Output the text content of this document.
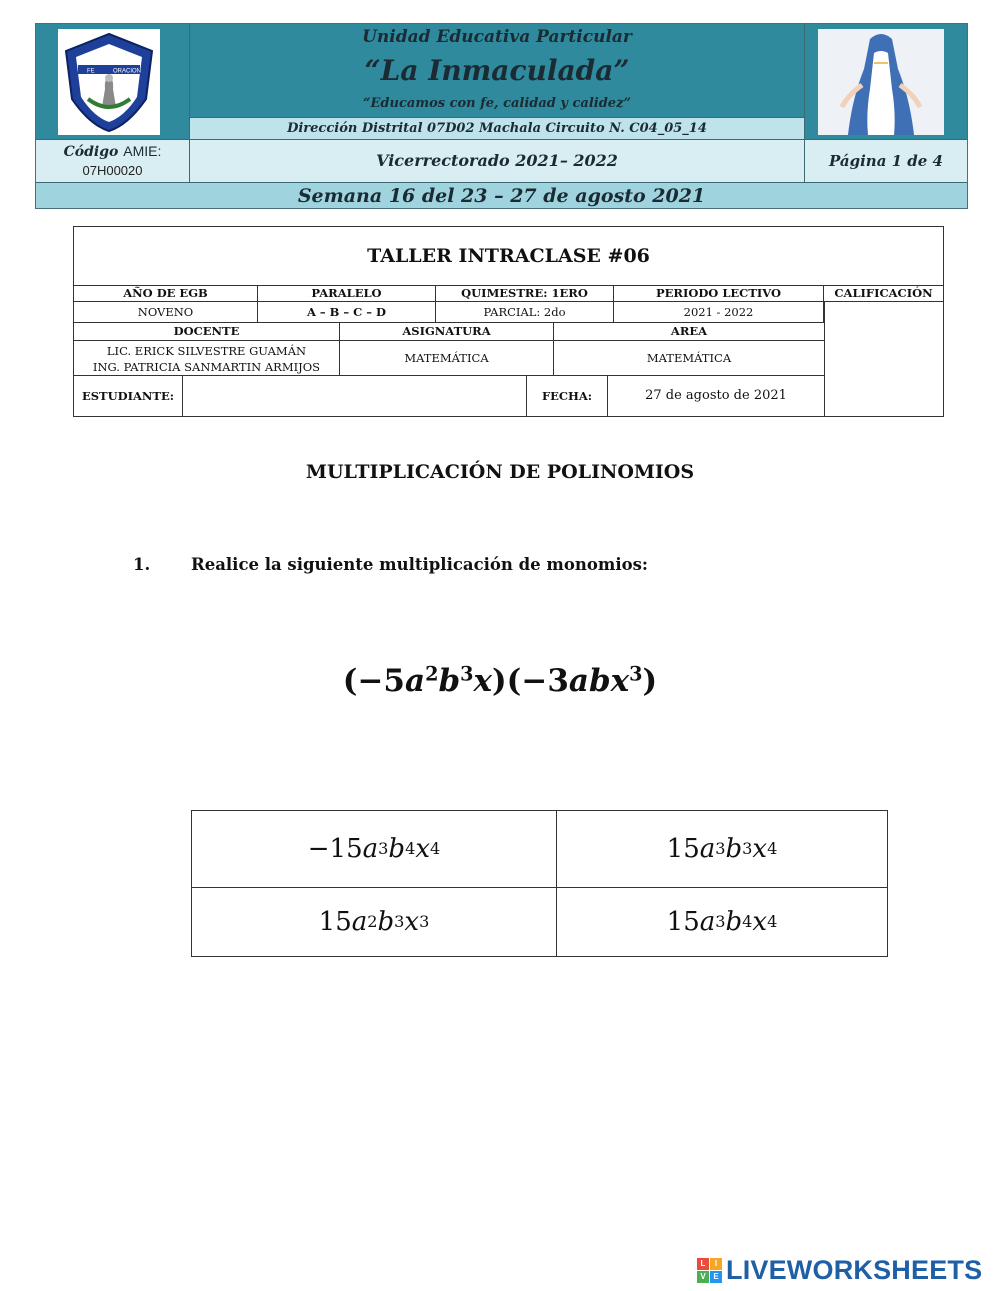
FE	ORACION
Unidad Educativa Particular
“La Inmaculada”
“Educamos con fe, calidad y calidez”
Dirección Distrital 07D02 Machala Circuito N. C04_05_14
Código AMIE:
07H00020
Vicerrectorado 2021– 2022	Página 1 de 4
Semana 16 del 23 – 27 de agosto 2021
TALLER INTRACLASE #06
AÑO DE EGB	PARALELO	QUIMESTRE: 1ERO	PERIODO LECTIVO	CALIFICACIÓN
NOVENO	A – B – C – D	PARCIAL: 2do	2021 - 2022
DOCENTE	ASIGNATURA	AREA
LIC. ERICK SILVESTRE GUAMÁN
ING. PATRICIA SANMARTIN ARMIJOS
MATEMÁTICA	MATEMÁTICA
ESTUDIANTE:	FECHA:	27 de agosto de 2021
MULTIPLICACIÓN DE POLINOMIOS
1. Realice la siguiente multiplicación de monomios:
$(-5a^2b^3x)(-3abx^3)$
−15 a 3 b 4 x 4	15 a 3 b 3 x 4
15 a 2 b 3 x 3	15 a 3 b 4 x 4
L	I
V E LIVEWORKSHEETS
